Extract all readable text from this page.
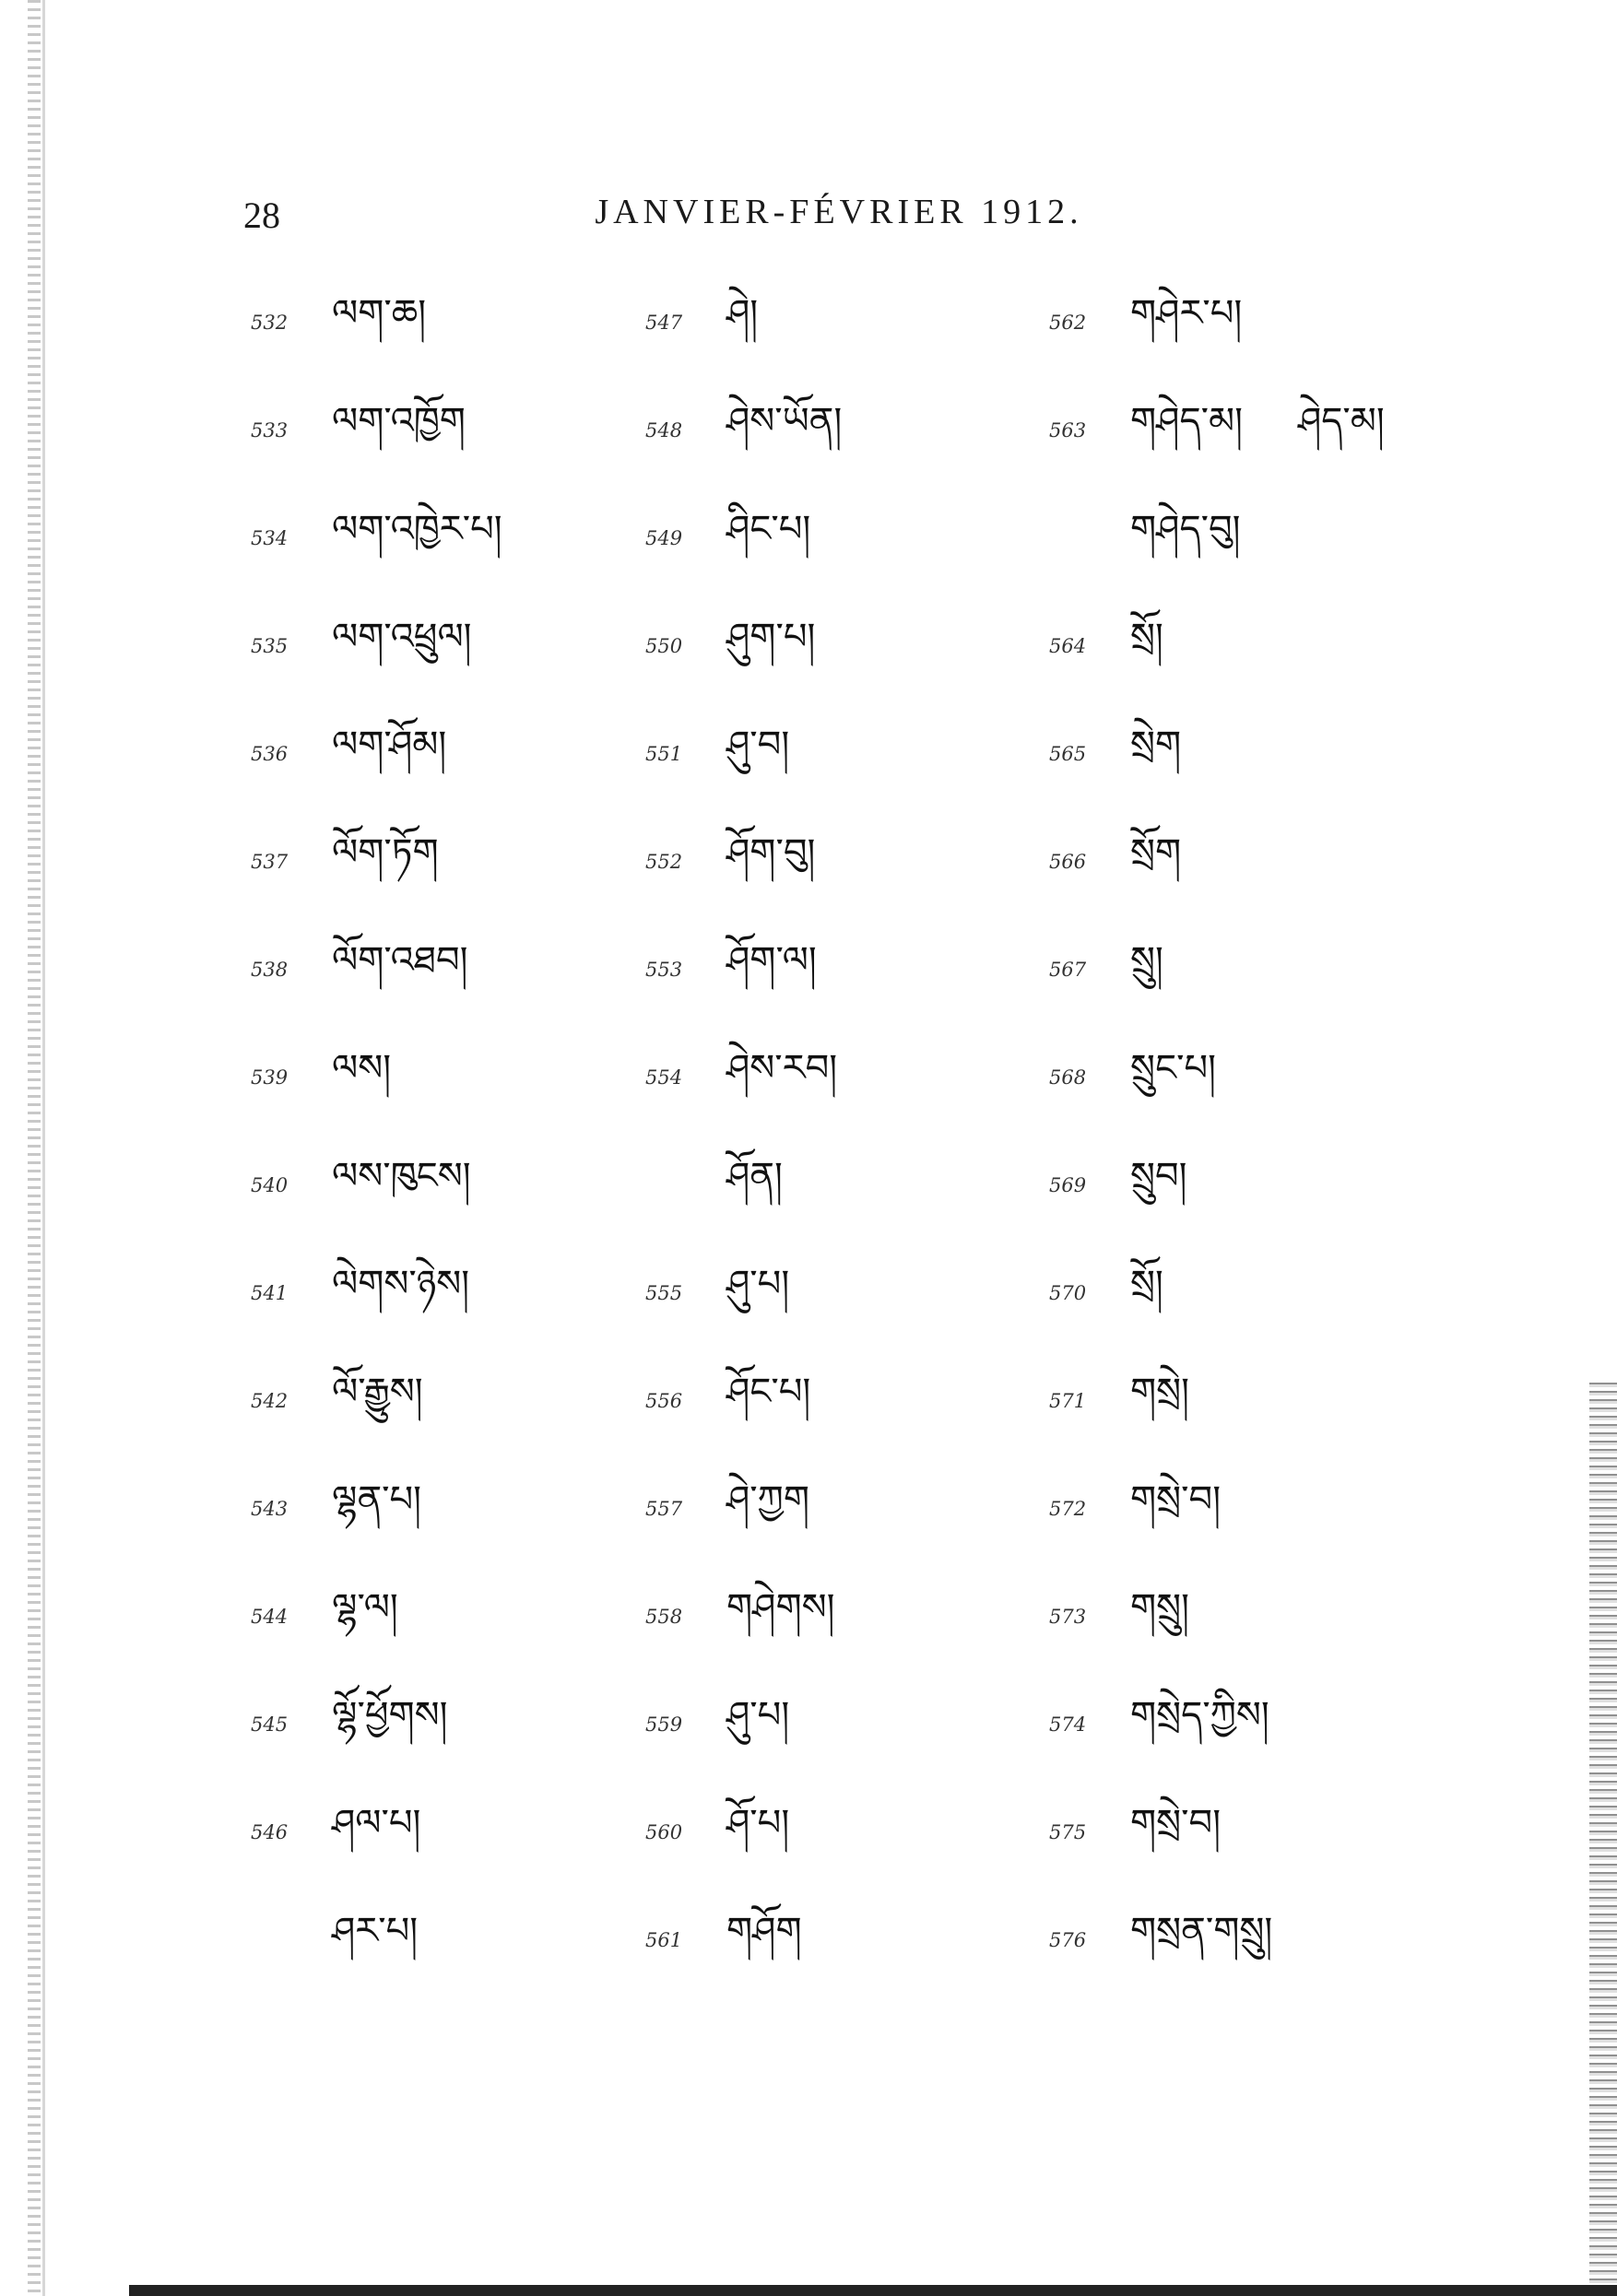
28	JANVIER-FÉVRIER 1912.
532	ལག་ཆ།
533	ལག་འཁྱོག
534	ལག་འཁྱེར་པ།
535	ལག་འཕྲུལ།
536	ལག་ཤོམ།
537	ལོག་ཏོག
538	ལོག་འཐབ།
539	ལས།
540	ལས་ཁུངས།
541	ལེགས་ཉེས།
542	ལོ་རྒྱུས།
543	ལྷན་པ།
544	ལྷ་ལ།
545	ལྷོ་ཕྱོགས།
546	ཤལ་པ།
ཤར་པ།
547	ཤེ།
548	ཤེས་ཡོན།
549	ཤིང་པ།
550	ཤུག་པ།
551	ཤུ་བ།
552	ཤོག་བུ།
553	ཤོག་ལ།
554	ཤེས་རབ།
ཤོན།
555	ཤུ་པ།
556	ཤོང་པ།
557	ཤེ་ཀྱག
558	གཤེགས།
559	ཤུ་པ།
560	ཤོ་པ།
561	གཤོག
562	གཤེར་པ།
563	གཤེད་མ། ཤེད་མ།
གཤེད་བུ།
564	སྲོ།
565	སྲེག
566	སྲོག
567	སྲུ།
568	སྲུང་པ།
569	སྲུབ།
570	སྲོ།
571	གསྲེ།
572	གསྲེ་བ།
573	གསྲུ།
574	གསྲེད་ཀྱིས།
575	གསྲེ་བ།
576	གསྲན་གསྲུ།
